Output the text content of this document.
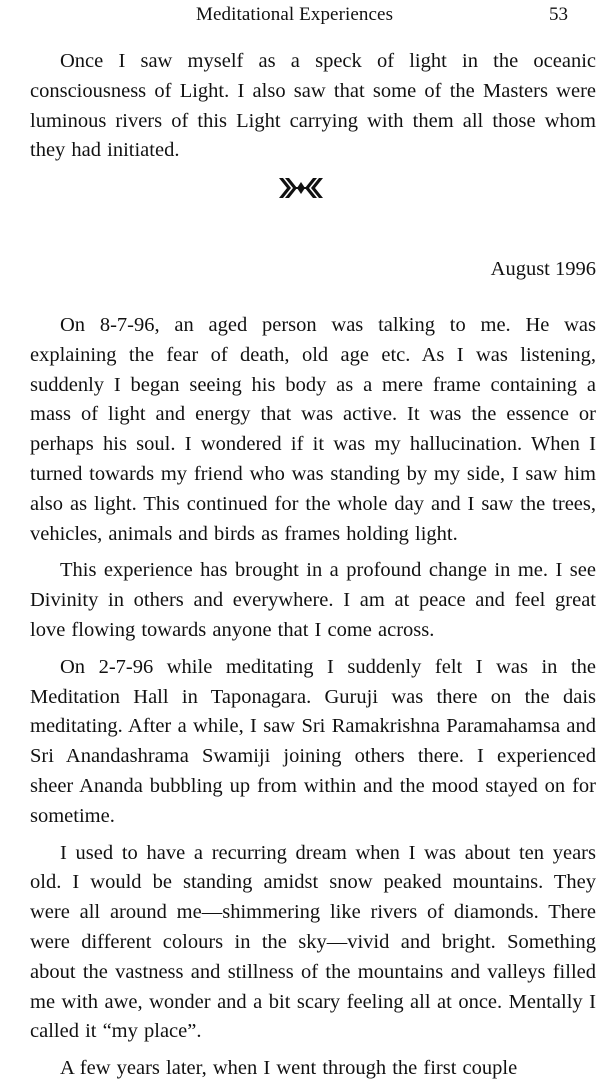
Meditational Experiences	53

Once I saw myself as a speck of light in the oceanic consciousness of Light. I also saw that some of the Masters were luminous rivers of this Light carrying with them all those whom they had initiated.

August 1996

On 8-7-96, an aged person was talking to me. He was explaining the fear of death, old age etc. As I was listening, suddenly I began seeing his body as a mere frame containing a mass of light and energy that was active. It was the essence or perhaps his soul. I wondered if it was my hallucination. When I turned towards my friend who was standing by my side, I saw him also as light. This continued for the whole day and I saw the trees, vehicles, animals and birds as frames holding light.

This experience has brought in a profound change in me. I see Divinity in others and everywhere. I am at peace and feel great love flowing towards anyone that I come across.

On 2-7-96 while meditating I suddenly felt I was in the Meditation Hall in Taponagara. Guruji was there on the dais meditating. After a while, I saw Sri Ramakrishna Paramahamsa and Sri Anandashrama Swamiji joining others there. I experienced sheer Ananda bubbling up from within and the mood stayed on for sometime.

I used to have a recurring dream when I was about ten years old. I would be standing amidst snow peaked mountains. They were all around me—shimmering like rivers of diamonds. There were different colours in the sky—vivid and bright. Something about the vastness and stillness of the mountains and valleys filled me with awe, wonder and a bit scary feeling all at once. Mentally I called it “my place”.

A few years later, when I went through the first couple
